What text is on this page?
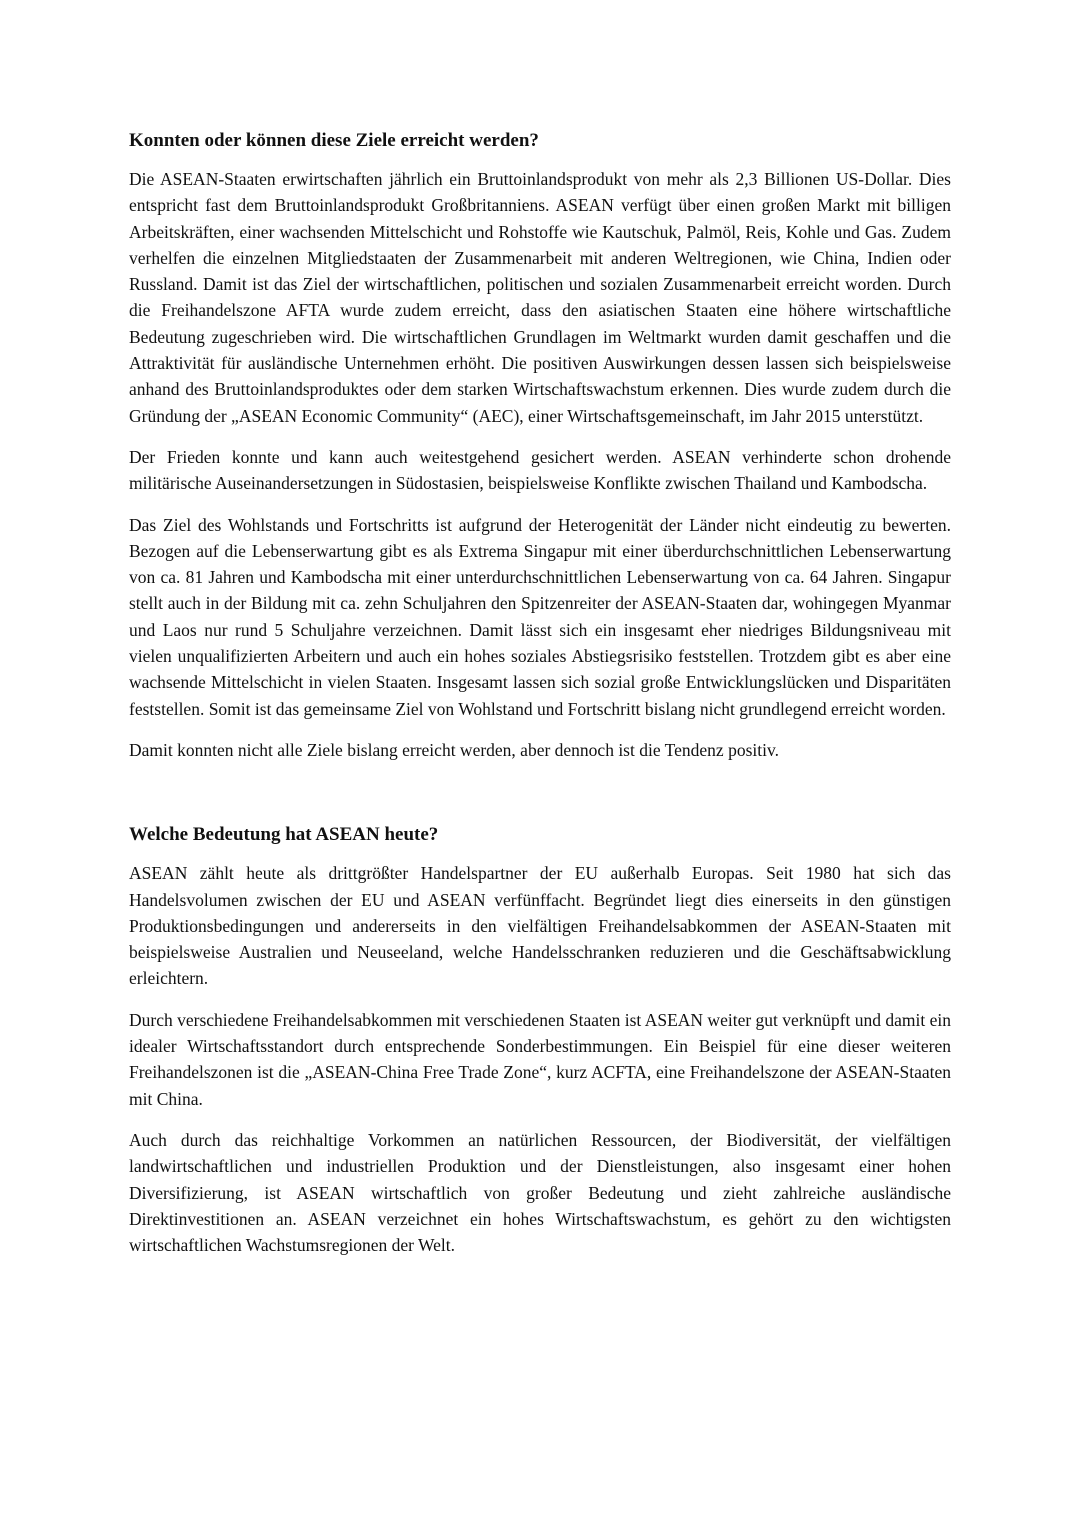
Konnten oder können diese Ziele erreicht werden?

Die ASEAN-Staaten erwirtschaften jährlich ein Bruttoinlandsprodukt von mehr als 2,3 Billionen US-Dollar. Dies entspricht fast dem Bruttoinlandsprodukt Großbritanniens. ASEAN verfügt über einen großen Markt mit billigen Arbeitskräften, einer wachsenden Mittelschicht und Rohstoffe wie Kautschuk, Palmöl, Reis, Kohle und Gas. Zudem verhelfen die einzelnen Mitgliedstaaten der Zusammenarbeit mit anderen Weltregionen, wie China, Indien oder Russland. Damit ist das Ziel der wirtschaftlichen, politischen und sozialen Zusammenarbeit erreicht worden. Durch die Freihandelszone AFTA wurde zudem erreicht, dass den asiatischen Staaten eine höhere wirtschaftliche Bedeutung zugeschrieben wird. Die wirtschaftlichen Grundlagen im Weltmarkt wurden damit geschaffen und die Attraktivität für ausländische Unternehmen erhöht. Die positiven Auswirkungen dessen lassen sich beispielsweise anhand des Bruttoinlandsproduktes oder dem starken Wirtschaftswachstum erkennen. Dies wurde zudem durch die Gründung der „ASEAN Economic Community“ (AEC), einer Wirtschaftsgemeinschaft, im Jahr 2015 unterstützt.

Der Frieden konnte und kann auch weitestgehend gesichert werden. ASEAN verhinderte schon drohende militärische Auseinandersetzungen in Südostasien, beispielsweise Konflikte zwischen Thailand und Kambodscha.

Das Ziel des Wohlstands und Fortschritts ist aufgrund der Heterogenität der Länder nicht eindeutig zu bewerten. Bezogen auf die Lebenserwartung gibt es als Extrema Singapur mit einer überdurchschnittlichen Lebenserwartung von ca. 81 Jahren und Kambodscha mit einer unterdurchschnittlichen Lebenserwartung von ca. 64 Jahren. Singapur stellt auch in der Bildung mit ca. zehn Schuljahren den Spitzenreiter der ASEAN-Staaten dar, wohingegen Myanmar und Laos nur rund 5 Schuljahre verzeichnen. Damit lässt sich ein insgesamt eher niedriges Bildungsniveau mit vielen unqualifizierten Arbeitern und auch ein hohes soziales Abstiegsrisiko feststellen. Trotzdem gibt es aber eine wachsende Mittelschicht in vielen Staaten. Insgesamt lassen sich sozial große Entwicklungslücken und Disparitäten feststellen. Somit ist das gemeinsame Ziel von Wohlstand und Fortschritt bislang nicht grundlegend erreicht worden.

Damit konnten nicht alle Ziele bislang erreicht werden, aber dennoch ist die Tendenz positiv.

Welche Bedeutung hat ASEAN heute?

ASEAN zählt heute als drittgrößter Handelspartner der EU außerhalb Europas. Seit 1980 hat sich das Handelsvolumen zwischen der EU und ASEAN verfünffacht. Begründet liegt dies einerseits in den günstigen Produktionsbedingungen und andererseits in den vielfältigen Freihandelsabkommen der ASEAN-Staaten mit beispielsweise Australien und Neuseeland, welche Handelsschranken reduzieren und die Geschäftsabwicklung erleichtern.

Durch verschiedene Freihandelsabkommen mit verschiedenen Staaten ist ASEAN weiter gut verknüpft und damit ein idealer Wirtschaftsstandort durch entsprechende Sonderbestimmungen. Ein Beispiel für eine dieser weiteren Freihandelszonen ist die „ASEAN-China Free Trade Zone“, kurz ACFTA, eine Freihandelszone der ASEAN-Staaten mit China.

Auch durch das reichhaltige Vorkommen an natürlichen Ressourcen, der Biodiversität, der vielfältigen landwirtschaftlichen und industriellen Produktion und der Dienstleistungen, also insgesamt einer hohen Diversifizierung, ist ASEAN wirtschaftlich von großer Bedeutung und zieht zahlreiche ausländische Direktinvestitionen an. ASEAN verzeichnet ein hohes Wirtschaftswachstum, es gehört zu den wichtigsten wirtschaftlichen Wachstumsregionen der Welt.
